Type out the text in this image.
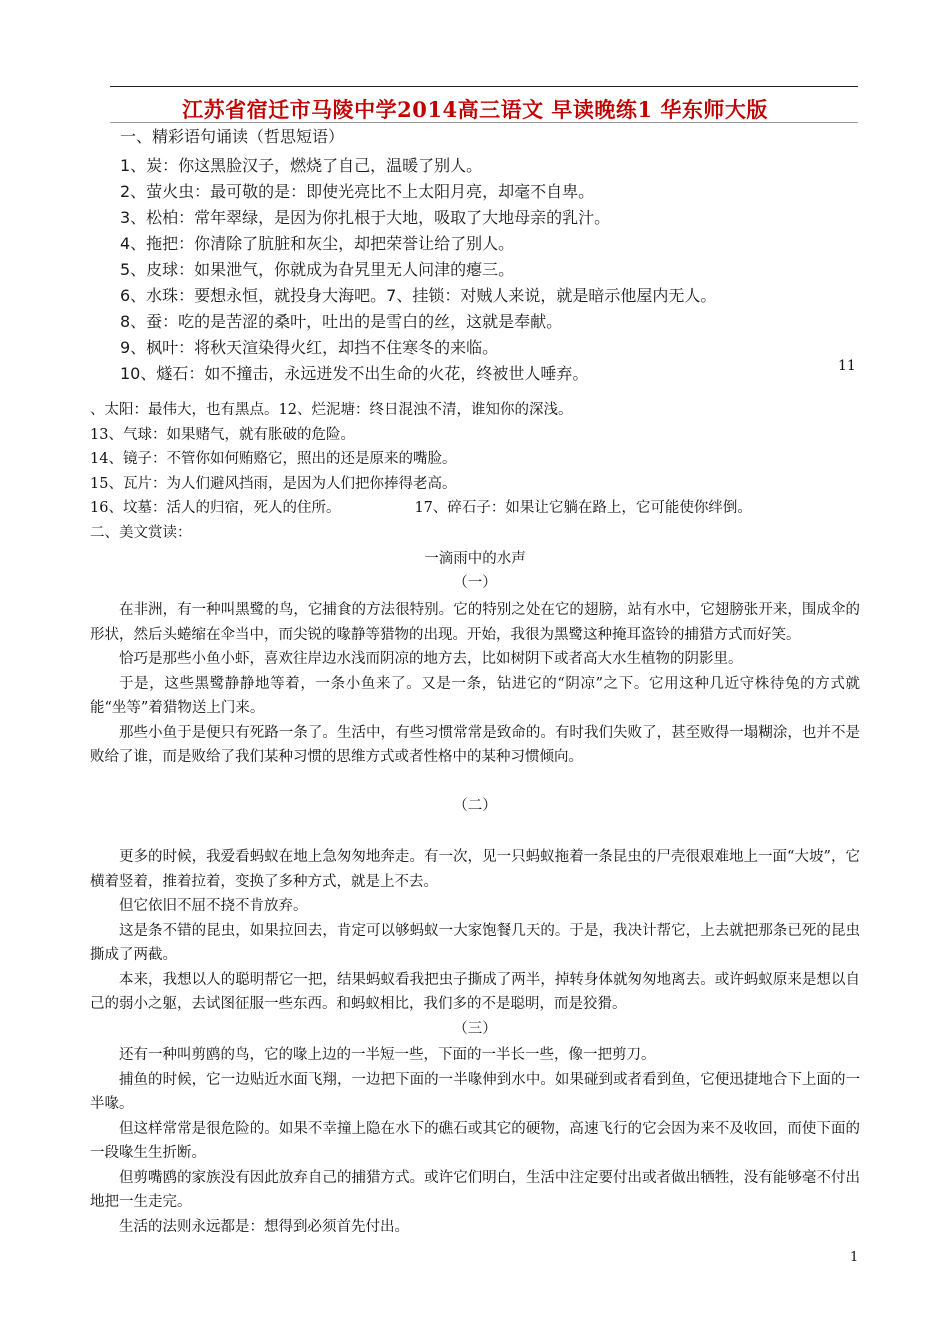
江苏省宿迁市马陵中学2014高三语文 早读晚练1 华东师大版
一、精彩语句诵读（哲思短语）
1、炭：你这黑脸汉子，燃烧了自己，温暖了别人。
2、萤火虫：最可敬的是：即使光亮比不上太阳月亮，却毫不自卑。
3、松柏：常年翠绿，是因为你扎根于大地，吸取了大地母亲的乳汁。
4、拖把：你清除了肮脏和灰尘，却把荣誉让给了别人。
5、皮球：如果泄气，你就成为旮旯里无人问津的瘪三。
6、水珠：要想永恒，就投身大海吧。7、挂锁：对贼人来说，就是暗示他屋内无人。
8、蚕：吃的是苦涩的桑叶，吐出的是雪白的丝，这就是奉献。
9、枫叶：将秋天渲染得火红，却挡不住寒冬的来临。
10、燧石：如不撞击，永远迸发不出生命的火花，终被世人唾弃。	11
、太阳：最伟大，也有黑点。12、烂泥塘：终日混浊不清，谁知你的深浅。
13、气球：如果赌气，就有胀破的危险。
14、镜子：不管你如何贿赂它，照出的还是原来的嘴脸。
15、瓦片：为人们避风挡雨，是因为人们把你捧得老高。
16、坟墓：活人的归宿，死人的住所。	17、碎石子：如果让它躺在路上，它可能使你绊倒。
二、美文赏读：
一滴雨中的水声
（一）
在非洲，有一种叫黑鹭的鸟，它捕食的方法很特别。它的特别之处在它的翅膀，站有水中，它翅膀张开来，围成伞的形状，然后头蜷缩在伞当中，而尖锐的喙静等猎物的出现。开始，我很为黑鹭这种掩耳盗铃的捕猎方式而好笑。
恰巧是那些小鱼小虾，喜欢往岸边水浅而阴凉的地方去，比如树阴下或者高大水生植物的阴影里。
于是，这些黑鹭静静地等着，一条小鱼来了。又是一条，钻进它的“阴凉”之下。它用这种几近守株待兔的方式就能“坐等”着猎物送上门来。
那些小鱼于是便只有死路一条了。生活中，有些习惯常常是致命的。有时我们失败了，甚至败得一塌糊涂，也并不是败给了谁，而是败给了我们某种习惯的思维方式或者性格中的某种习惯倾向。
（二）
更多的时候，我爱看蚂蚁在地上急匆匆地奔走。有一次，见一只蚂蚁拖着一条昆虫的尸壳很艰难地上一面“大坡”，它横着竖着，推着拉着，变换了多种方式，就是上不去。
但它依旧不屈不挠不肯放弃。
这是条不错的昆虫，如果拉回去，肯定可以够蚂蚁一大家饱餐几天的。于是，我决计帮它，上去就把那条已死的昆虫撕成了两截。
本来，我想以人的聪明帮它一把，结果蚂蚁看我把虫子撕成了两半，掉转身体就匆匆地离去。或许蚂蚁原来是想以自己的弱小之躯，去试图征服一些东西。和蚂蚁相比，我们多的不是聪明，而是狡猾。
（三）
还有一种叫剪鸥的鸟，它的喙上边的一半短一些，下面的一半长一些，像一把剪刀。
捕鱼的时候，它一边贴近水面飞翔，一边把下面的一半喙伸到水中。如果碰到或者看到鱼，它便迅捷地合下上面的一半喙。
但这样常常是很危险的。如果不幸撞上隐在水下的礁石或其它的硬物，高速飞行的它会因为来不及收回，而使下面的一段喙生生折断。
但剪嘴鸥的家族没有因此放弃自己的捕猎方式。或许它们明白，生活中注定要付出或者做出牺牲，没有能够毫不付出地把一生走完。
生活的法则永远都是：想得到必须首先付出。
1
